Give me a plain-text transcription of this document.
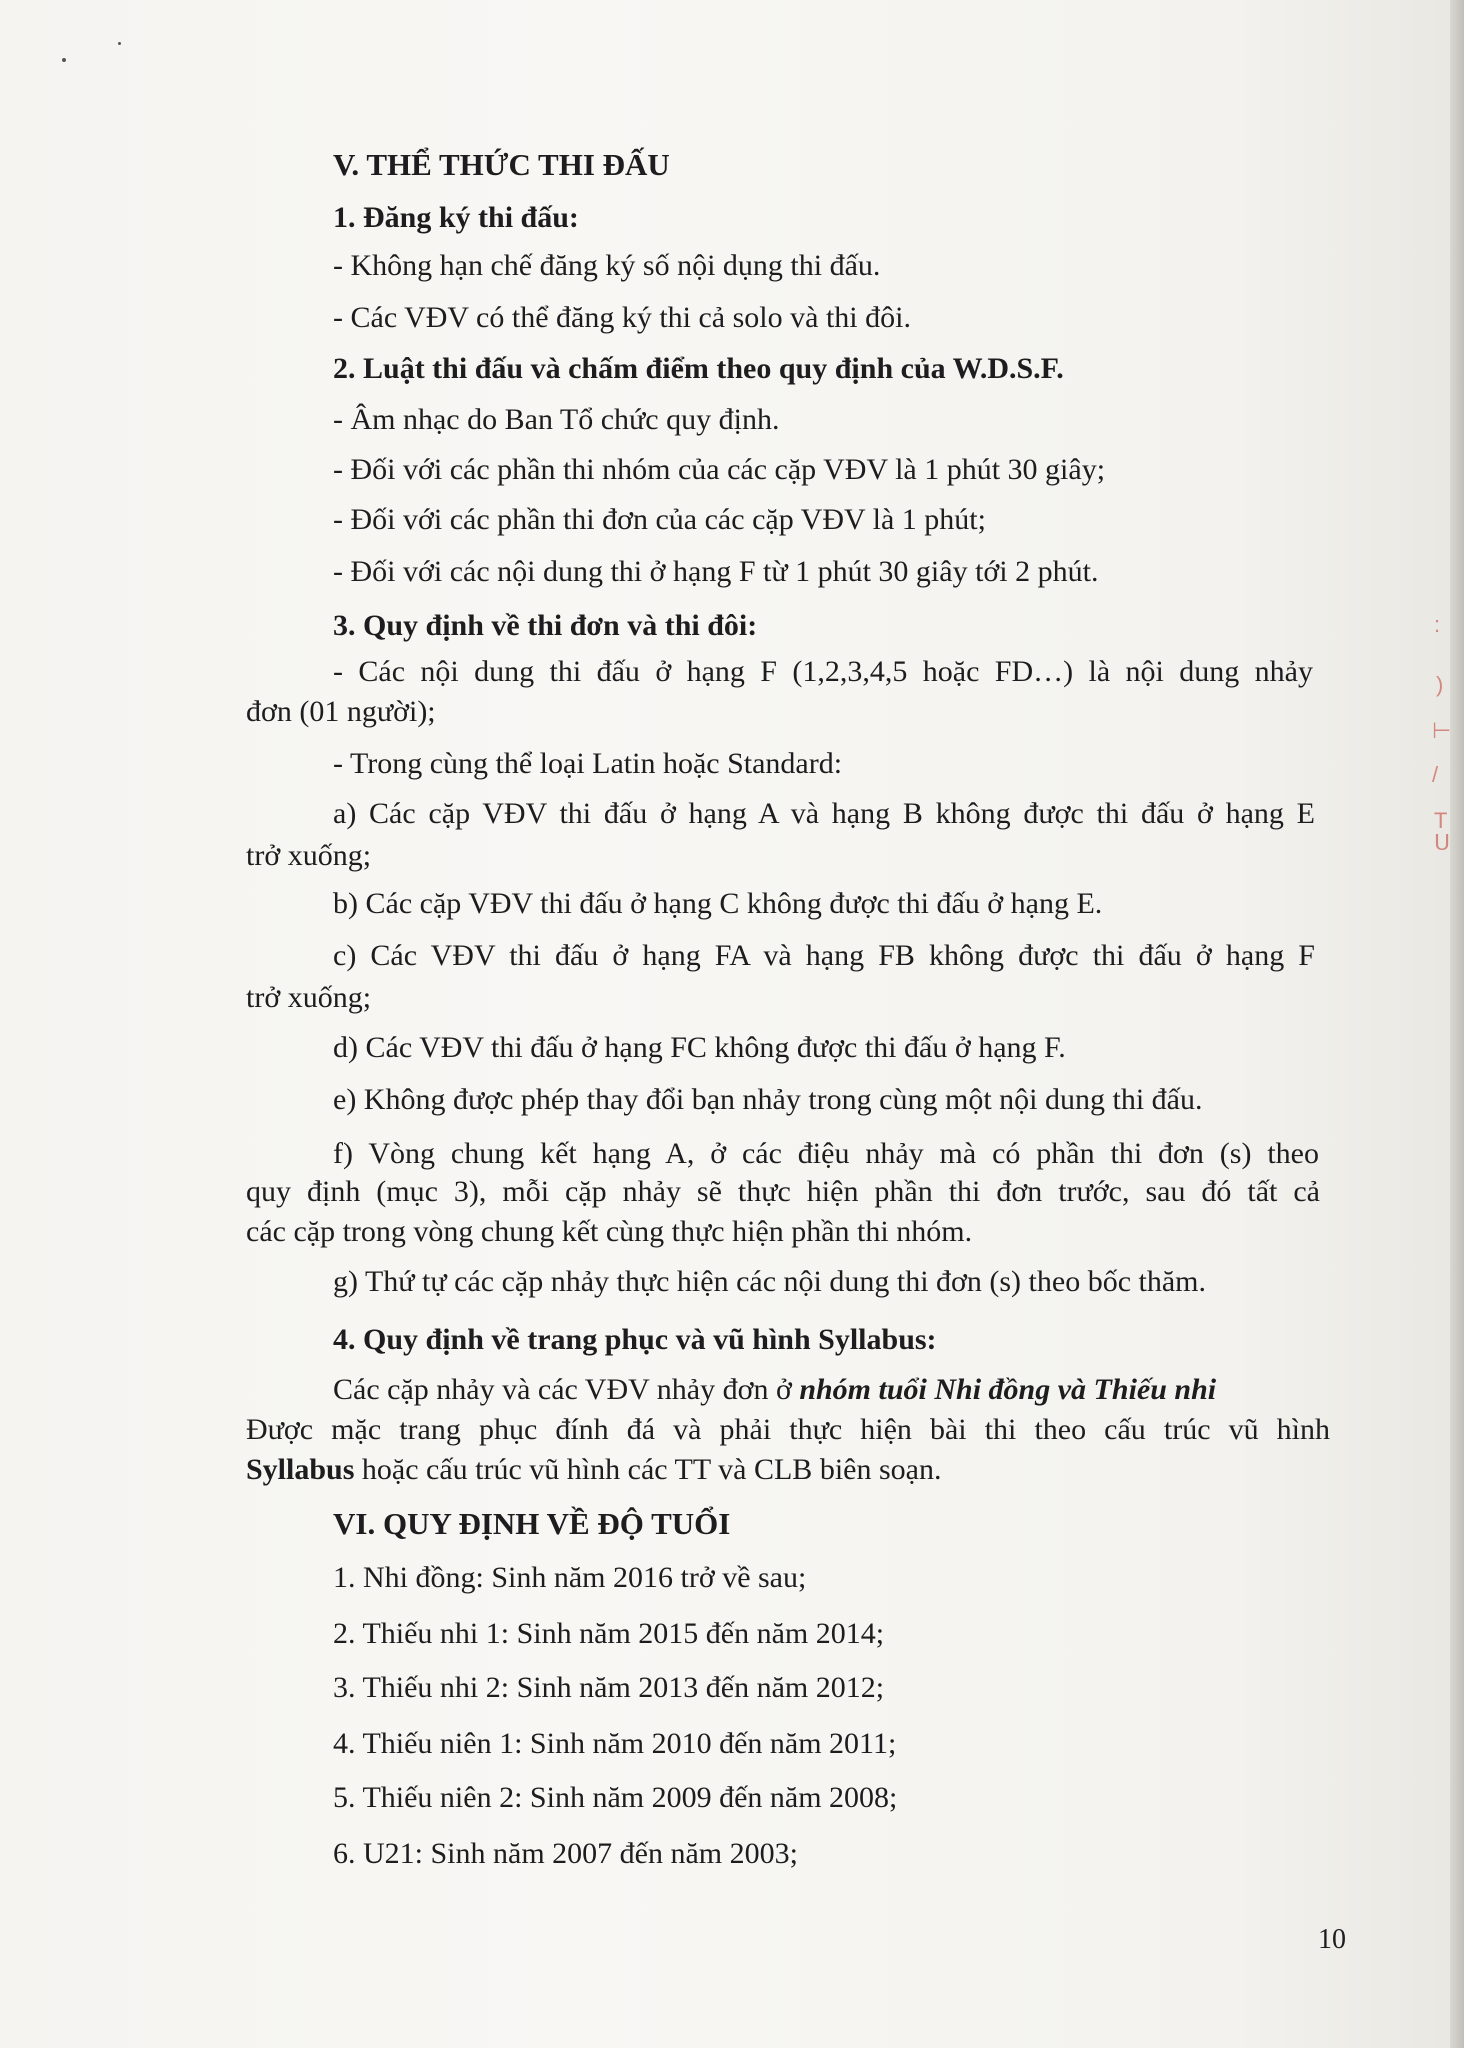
:
)
⊢
/
T
ᑌ
V. THỂ THỨC THI ĐẤU
1. Đăng ký thi đấu:
- Không hạn chế đăng ký số nội dụng thi đấu.
- Các VĐV có thể đăng ký thi cả solo và thi đôi.
2. Luật thi đấu và chấm điểm theo quy định của W.D.S.F.
- Âm nhạc do Ban Tổ chức quy định.
- Đối với các phần thi nhóm của các cặp VĐV là 1 phút 30 giây;
- Đối với các phần thi đơn của các cặp VĐV là 1 phút;
- Đối với các nội dung thi ở hạng F từ 1 phút 30 giây tới 2 phút.
3. Quy định về thi đơn và thi đôi:
- Các nội dung thi đấu ở hạng F (1,2,3,4,5 hoặc FD…) là nội dung nhảy
đơn (01 người);
- Trong cùng thể loại Latin hoặc Standard:
a) Các cặp VĐV thi đấu ở hạng A và hạng B không được thi đấu ở hạng E
trở xuống;
b) Các cặp VĐV thi đấu ở hạng C không được thi đấu ở hạng E.
c) Các VĐV thi đấu ở hạng FA và hạng FB không được thi đấu ở hạng F
trở xuống;
d) Các VĐV thi đấu ở hạng FC không được thi đấu ở hạng F.
e) Không được phép thay đổi bạn nhảy trong cùng một nội dung thi đấu.
f) Vòng chung kết hạng A, ở các điệu nhảy mà có phần thi đơn (s) theo
quy định (mục 3), mỗi cặp nhảy sẽ thực hiện phần thi đơn trước, sau đó tất cả
các cặp trong vòng chung kết cùng thực hiện phần thi nhóm.
g) Thứ tự các cặp nhảy thực hiện các nội dung thi đơn (s) theo bốc thăm.
4. Quy định về trang phục và vũ hình Syllabus:
Các cặp nhảy và các VĐV nhảy đơn ở nhóm tuổi Nhi đồng và Thiếu nhi
Được mặc trang phục đính đá và phải thực hiện bài thi theo cấu trúc vũ hình
Syllabus hoặc cấu trúc vũ hình các TT và CLB biên soạn.
VI. QUY ĐỊNH VỀ ĐỘ TUỔI
1. Nhi đồng: Sinh năm 2016 trở về sau;
2. Thiếu nhi 1: Sinh năm 2015 đến năm 2014;
3. Thiếu nhi 2: Sinh năm 2013 đến năm 2012;
4. Thiếu niên 1: Sinh năm 2010 đến năm 2011;
5. Thiếu niên 2: Sinh năm 2009 đến năm 2008;
6. U21: Sinh năm 2007 đến năm 2003;
10
